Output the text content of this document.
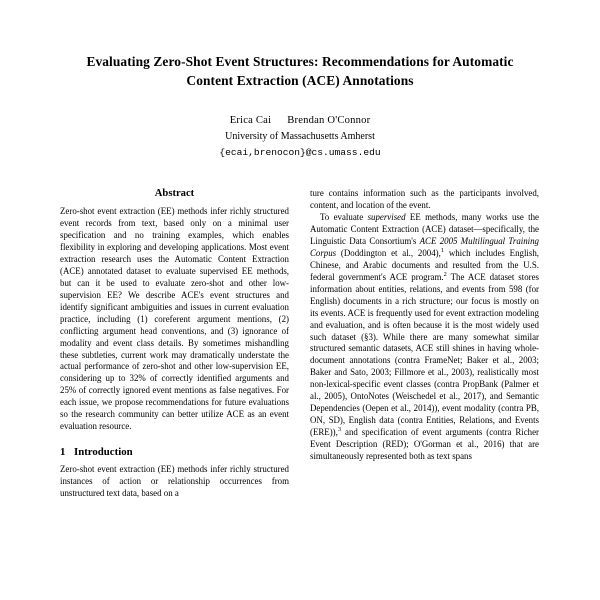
Evaluating Zero-Shot Event Structures: Recommendations for Automatic Content Extraction (ACE) Annotations
Erica Cai Brendan O'Connor
University of Massachusetts Amherst
{ecai,brenocon}@cs.umass.edu
Abstract

Zero-shot event extraction (EE) methods infer richly structured event records from text, based only on a minimal user specification and no training examples, which enables flexibility in exploring and developing applications. Most event extraction research uses the Automatic Content Extraction (ACE) annotated dataset to evaluate supervised EE methods, but can it be used to evaluate zero-shot and other low-supervision EE? We describe ACE's event structures and identify significant ambiguities and issues in current evaluation practice, including (1) coreferent argument mentions, (2) conflicting argument head conventions, and (3) ignorance of modality and event class details. By sometimes mishandling these subtleties, current work may dramatically understate the actual performance of zero-shot and other low-supervision EE, considering up to 32% of correctly identified arguments and 25% of correctly ignored event mentions as false negatives. For each issue, we propose recommendations for future evaluations so the research community can better utilize ACE as an event evaluation resource.

1 Introduction

Zero-shot event extraction (EE) methods infer richly structured instances of action or relationship occurrences from unstructured text data, based on a

ture contains information such as the participants involved, content, and location of the event.

To evaluate supervised EE methods, many works use the Automatic Content Extraction (ACE) dataset—specifically, the Linguistic Data Consortium's ACE 2005 Multilingual Training Corpus (Doddington et al., 2004),$^1$ which includes English, Chinese, and Arabic documents and resulted from the U.S. federal government's ACE program.$^2$ The ACE dataset stores information about entities, relations, and events from 598 (for English) documents in a rich structure; our focus is mostly on its events. ACE is frequently used for event extraction modeling and evaluation, and is often because it is the most widely used such dataset (§3). While there are many somewhat similar structured semantic datasets, ACE still shines in having whole-document annotations (contra FrameNet; Baker et al., 2003; Baker and Sato, 2003; Fillmore et al., 2003), realistically most non-lexical-specific event classes (contra PropBank (Palmer et al., 2005), OntoNotes (Weischedel et al., 2017), and Semantic Dependencies (Oepen et al., 2014)), event modality (contra PB, ON, SD), English data (contra Entities, Relations, and Events (ERE)),$^3$ and specification of event arguments (contra Richer Event Description (RED); O'Gorman et al., 2016) that are simultaneously represented both as text spans
